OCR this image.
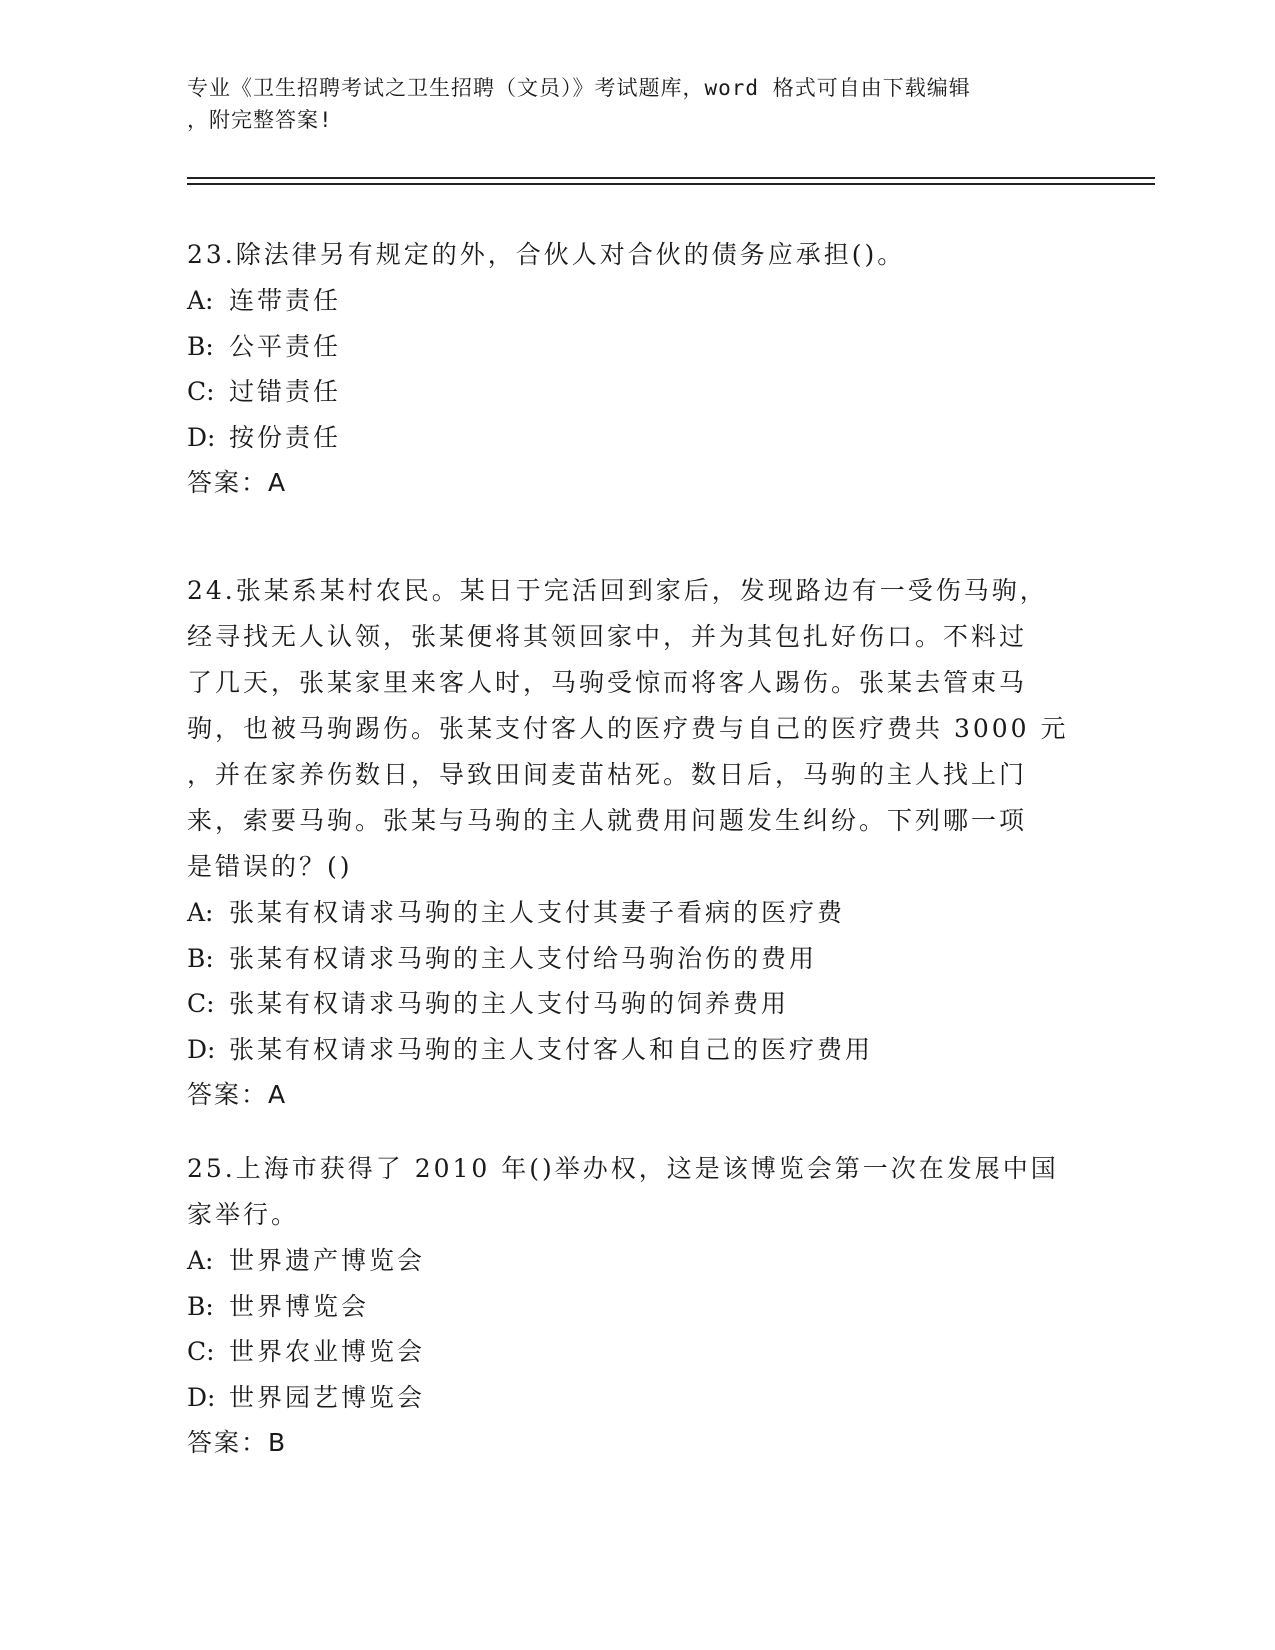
专业《卫生招聘考试之卫生招聘（文员）》考试题库，word 格式可自由下载编辑

，附完整答案!

23.除法律另有规定的外，合伙人对合伙的债务应承担()。

A: 连带责任

B: 公平责任

C: 过错责任

D: 按份责任

答案：A

24.张某系某村农民。某日于完活回到家后，发现路边有一受伤马驹，

经寻找无人认领，张某便将其领回家中，并为其包扎好伤口。不料过

了几天，张某家里来客人时，马驹受惊而将客人踢伤。张某去管束马

驹，也被马驹踢伤。张某支付客人的医疗费与自己的医疗费共 3000 元

，并在家养伤数日，导致田间麦苗枯死。数日后，马驹的主人找上门

来，索要马驹。张某与马驹的主人就费用问题发生纠纷。下列哪一项

是错误的？()

A: 张某有权请求马驹的主人支付其妻子看病的医疗费

B: 张某有权请求马驹的主人支付给马驹治伤的费用

C: 张某有权请求马驹的主人支付马驹的饲养费用

D: 张某有权请求马驹的主人支付客人和自己的医疗费用

答案：A

25.上海市获得了 2010 年()举办权，这是该博览会第一次在发展中国

家举行。

A: 世界遗产博览会

B: 世界博览会

C: 世界农业博览会

D: 世界园艺博览会

答案：B
